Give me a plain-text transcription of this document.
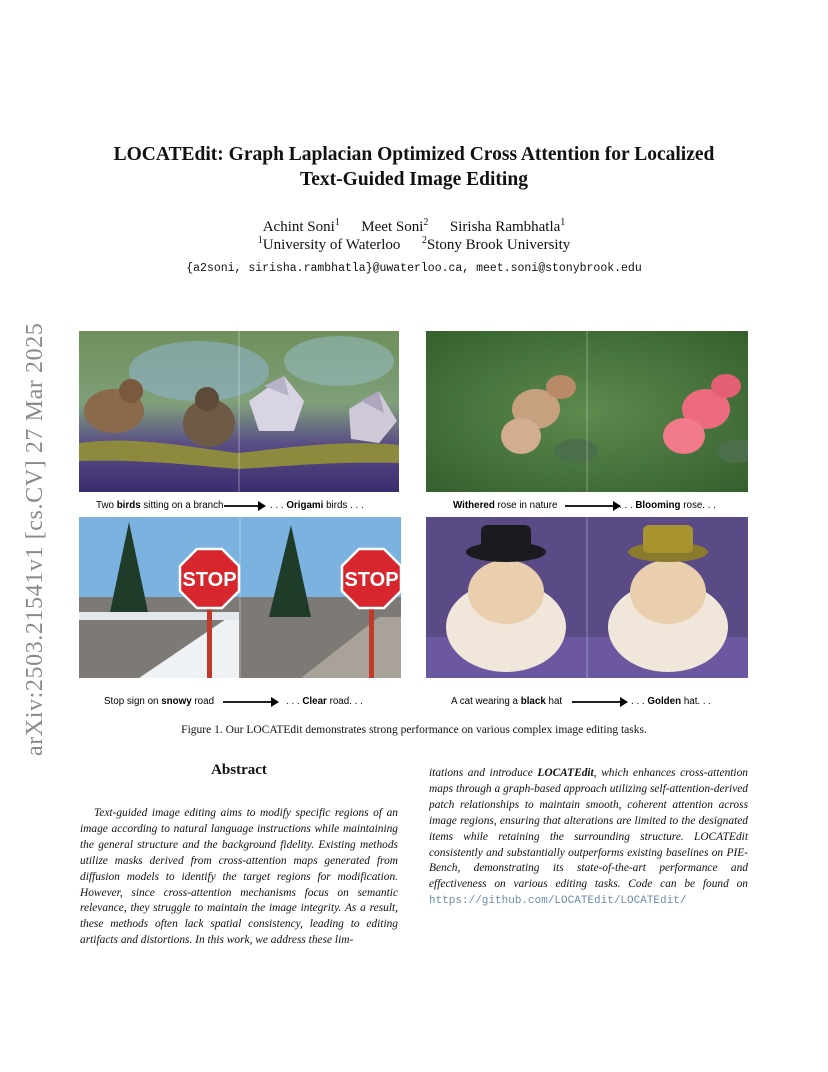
arXiv:2503.21541v1 [cs.CV] 27 Mar 2025
LOCATEdit: Graph Laplacian Optimized Cross Attention for Localized
Text-Guided Image Editing
Achint Soni$^1$ Meet Soni$^2$ Sirisha Rambhatla$^1$
$^1$University of Waterloo $^2$Stony Brook University
{a2soni, sirisha.rambhatla}@uwaterloo.ca, meet.soni@stonybrook.edu
Two birds sitting on a branch	. . . Origami birds . . .	Withered rose in nature	. . . Blooming rose. . .
STOP	STOP
Stop sign on snowy road	. . . Clear road. . .	A cat wearing a black hat	. . . Golden hat. . .
Figure 1. Our LOCATEdit demonstrates strong performance on various complex image editing tasks.
Abstract
Text-guided image editing aims to modify specific regions of an image according to natural language instructions while maintaining the general structure and the background fidelity. Existing methods utilize masks derived from cross-attention maps generated from diffusion models to identify the target regions for modification. However, since cross-attention mechanisms focus on semantic relevance, they struggle to maintain the image integrity. As a result, these methods often lack spatial consistency, leading to editing artifacts and distortions. In this work, we address these lim-
itations and introduce LOCATEdit, which enhances cross-attention maps through a graph-based approach utilizing self-attention-derived patch relationships to maintain smooth, coherent attention across image regions, ensuring that alterations are limited to the designated items while retaining the surrounding structure. LOCATEdit consistently and substantially outperforms existing baselines on PIE-Bench, demonstrating its state-of-the-art performance and effectiveness on various editing tasks. Code can be found on https://github.com/LOCATEdit/LOCATEdit/
